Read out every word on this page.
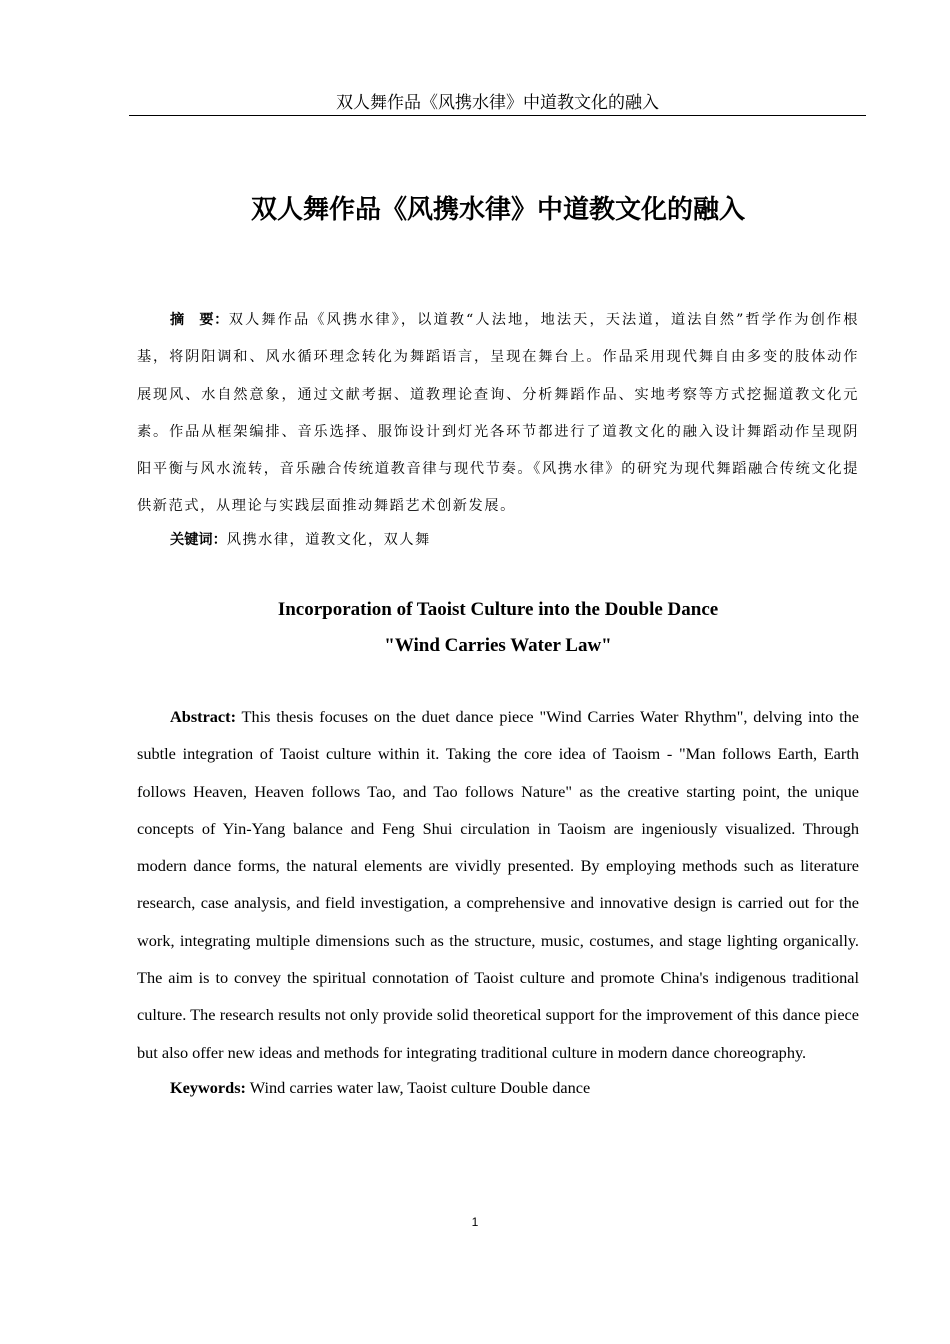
双人舞作品《风携水律》中道教文化的融入
双人舞作品《风携水律》中道教文化的融入

摘　要：双人舞作品《风携水律》，以道教“人法地，地法天，天法道，道法自然”哲学作为创作根基，将阴阳调和、风水循环理念转化为舞蹈语言，呈现在舞台上。作品采用现代舞自由多变的肢体动作展现风、水自然意象，通过文献考据、道教理论查询、分析舞蹈作品、实地考察等方式挖掘道教文化元素。作品从框架编排、音乐选择、服饰设计到灯光各环节都进行了道教文化的融入设计舞蹈动作呈现阴阳平衡与风水流转，音乐融合传统道教音律与现代节奏。《风携水律》的研究为现代舞蹈融合传统文化提供新范式，从理论与实践层面推动舞蹈艺术创新发展。

关键词：风携水律，道教文化，双人舞
Incorporation of Taoist Culture into the Double Dance
"Wind Carries Water Law"

Abstract: This thesis focuses on the duet dance piece "Wind Carries Water Rhythm", delving into the subtle integration of Taoist culture within it. Taking the core idea of Taoism - "Man follows Earth, Earth follows Heaven, Heaven follows Tao, and Tao follows Nature" as the creative starting point, the unique concepts of Yin-Yang balance and Feng Shui circulation in Taoism are ingeniously visualized. Through modern dance forms, the natural elements are vividly presented. By employing methods such as literature research, case analysis, and field investigation, a comprehensive and innovative design is carried out for the work, integrating multiple dimensions such as the structure, music, costumes, and stage lighting organically. The aim is to convey the spiritual connotation of Taoist culture and promote China's indigenous traditional culture. The research results not only provide solid theoretical support for the improvement of this dance piece but also offer new ideas and methods for integrating traditional culture in modern dance choreography.

Keywords: Wind carries water law, Taoist culture Double dance
1
